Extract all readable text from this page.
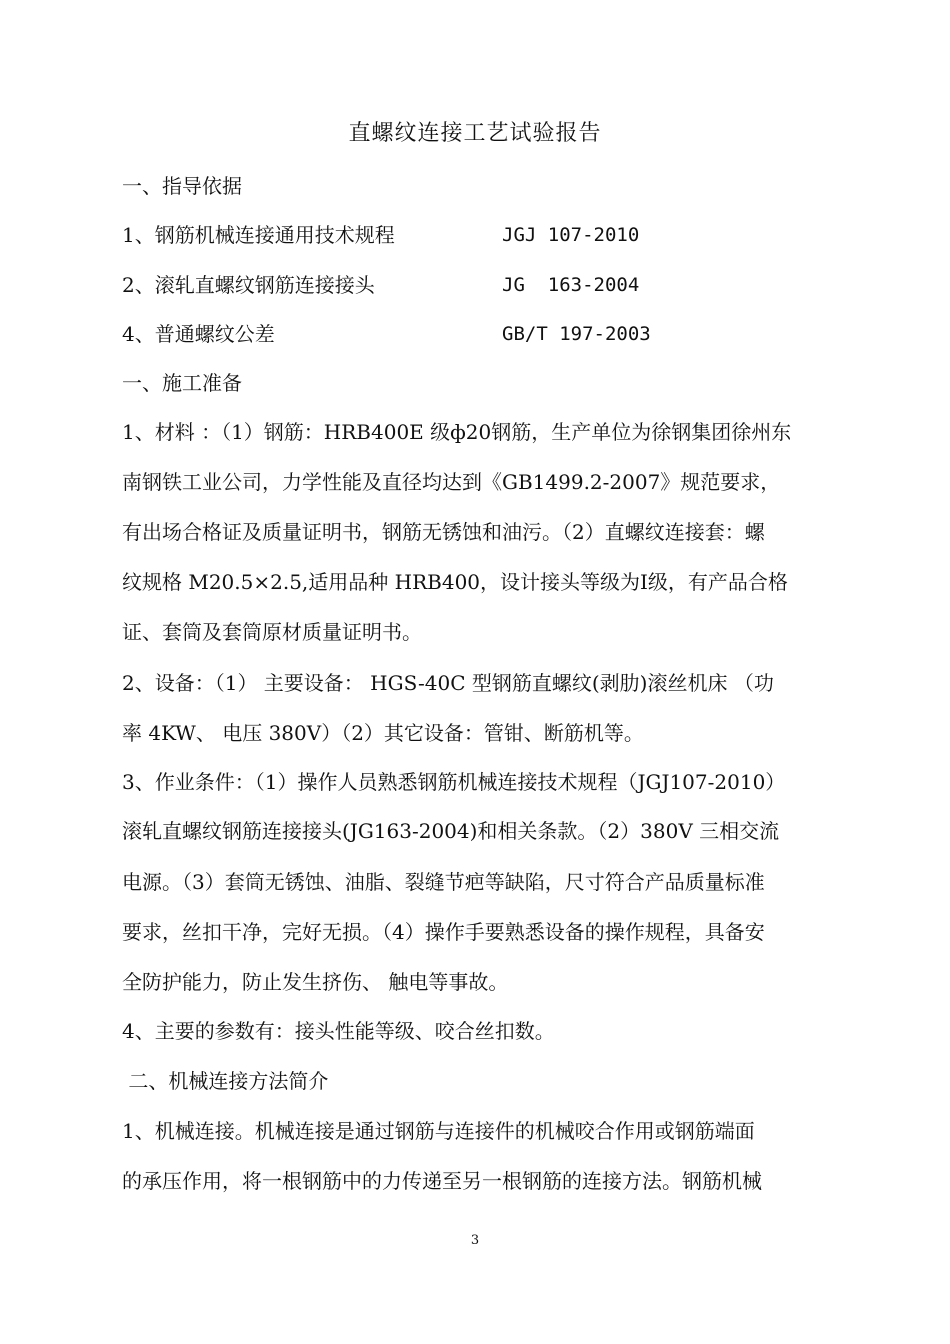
直螺纹连接工艺试验报告
一、指导依据
1、钢筋机械连接通用技术规程	JGJ 107-2010
2、滚轧直螺纹钢筋连接接头	JG  163-2004
4、普通螺纹公差	GB/T 197-2003
一、施工准备
1、材料 ：（1）钢筋：HRB400E 级ф20钢筋，生产单位为徐钢集团徐州东
南钢铁工业公司，力学性能及直径均达到《GB1499.2-2007》规范要求，
有出场合格证及质量证明书，钢筋无锈蚀和油污。（2）直螺纹连接套：螺
纹规格 M20.5×2.5,适用品种 HRB400，设计接头等级为Ⅰ级，有产品合格
证、套筒及套筒原材质量证明书。
2、设备：（1） 主要设备： HGS-40C 型钢筋直螺纹(剥肋)滚丝机床 （功
率 4KW、 电压 380V）（2）其它设备：管钳、断筋机等。
3、作业条件：（1）操作人员熟悉钢筋机械连接技术规程（JGJ107-2010）
滚轧直螺纹钢筋连接接头(JG163-2004)和相关条款。（2）380V 三相交流
电源。（3）套筒无锈蚀、油脂、裂缝节疤等缺陷，尺寸符合产品质量标准
要求，丝扣干净，完好无损。（4）操作手要熟悉设备的操作规程，具备安
全防护能力，防止发生挤伤、 触电等事故。
4、主要的参数有：接头性能等级、咬合丝扣数。
二、机械连接方法简介
1、机械连接。机械连接是通过钢筋与连接件的机械咬合作用或钢筋端面
的承压作用，将一根钢筋中的力传递至另一根钢筋的连接方法。钢筋机械
3
